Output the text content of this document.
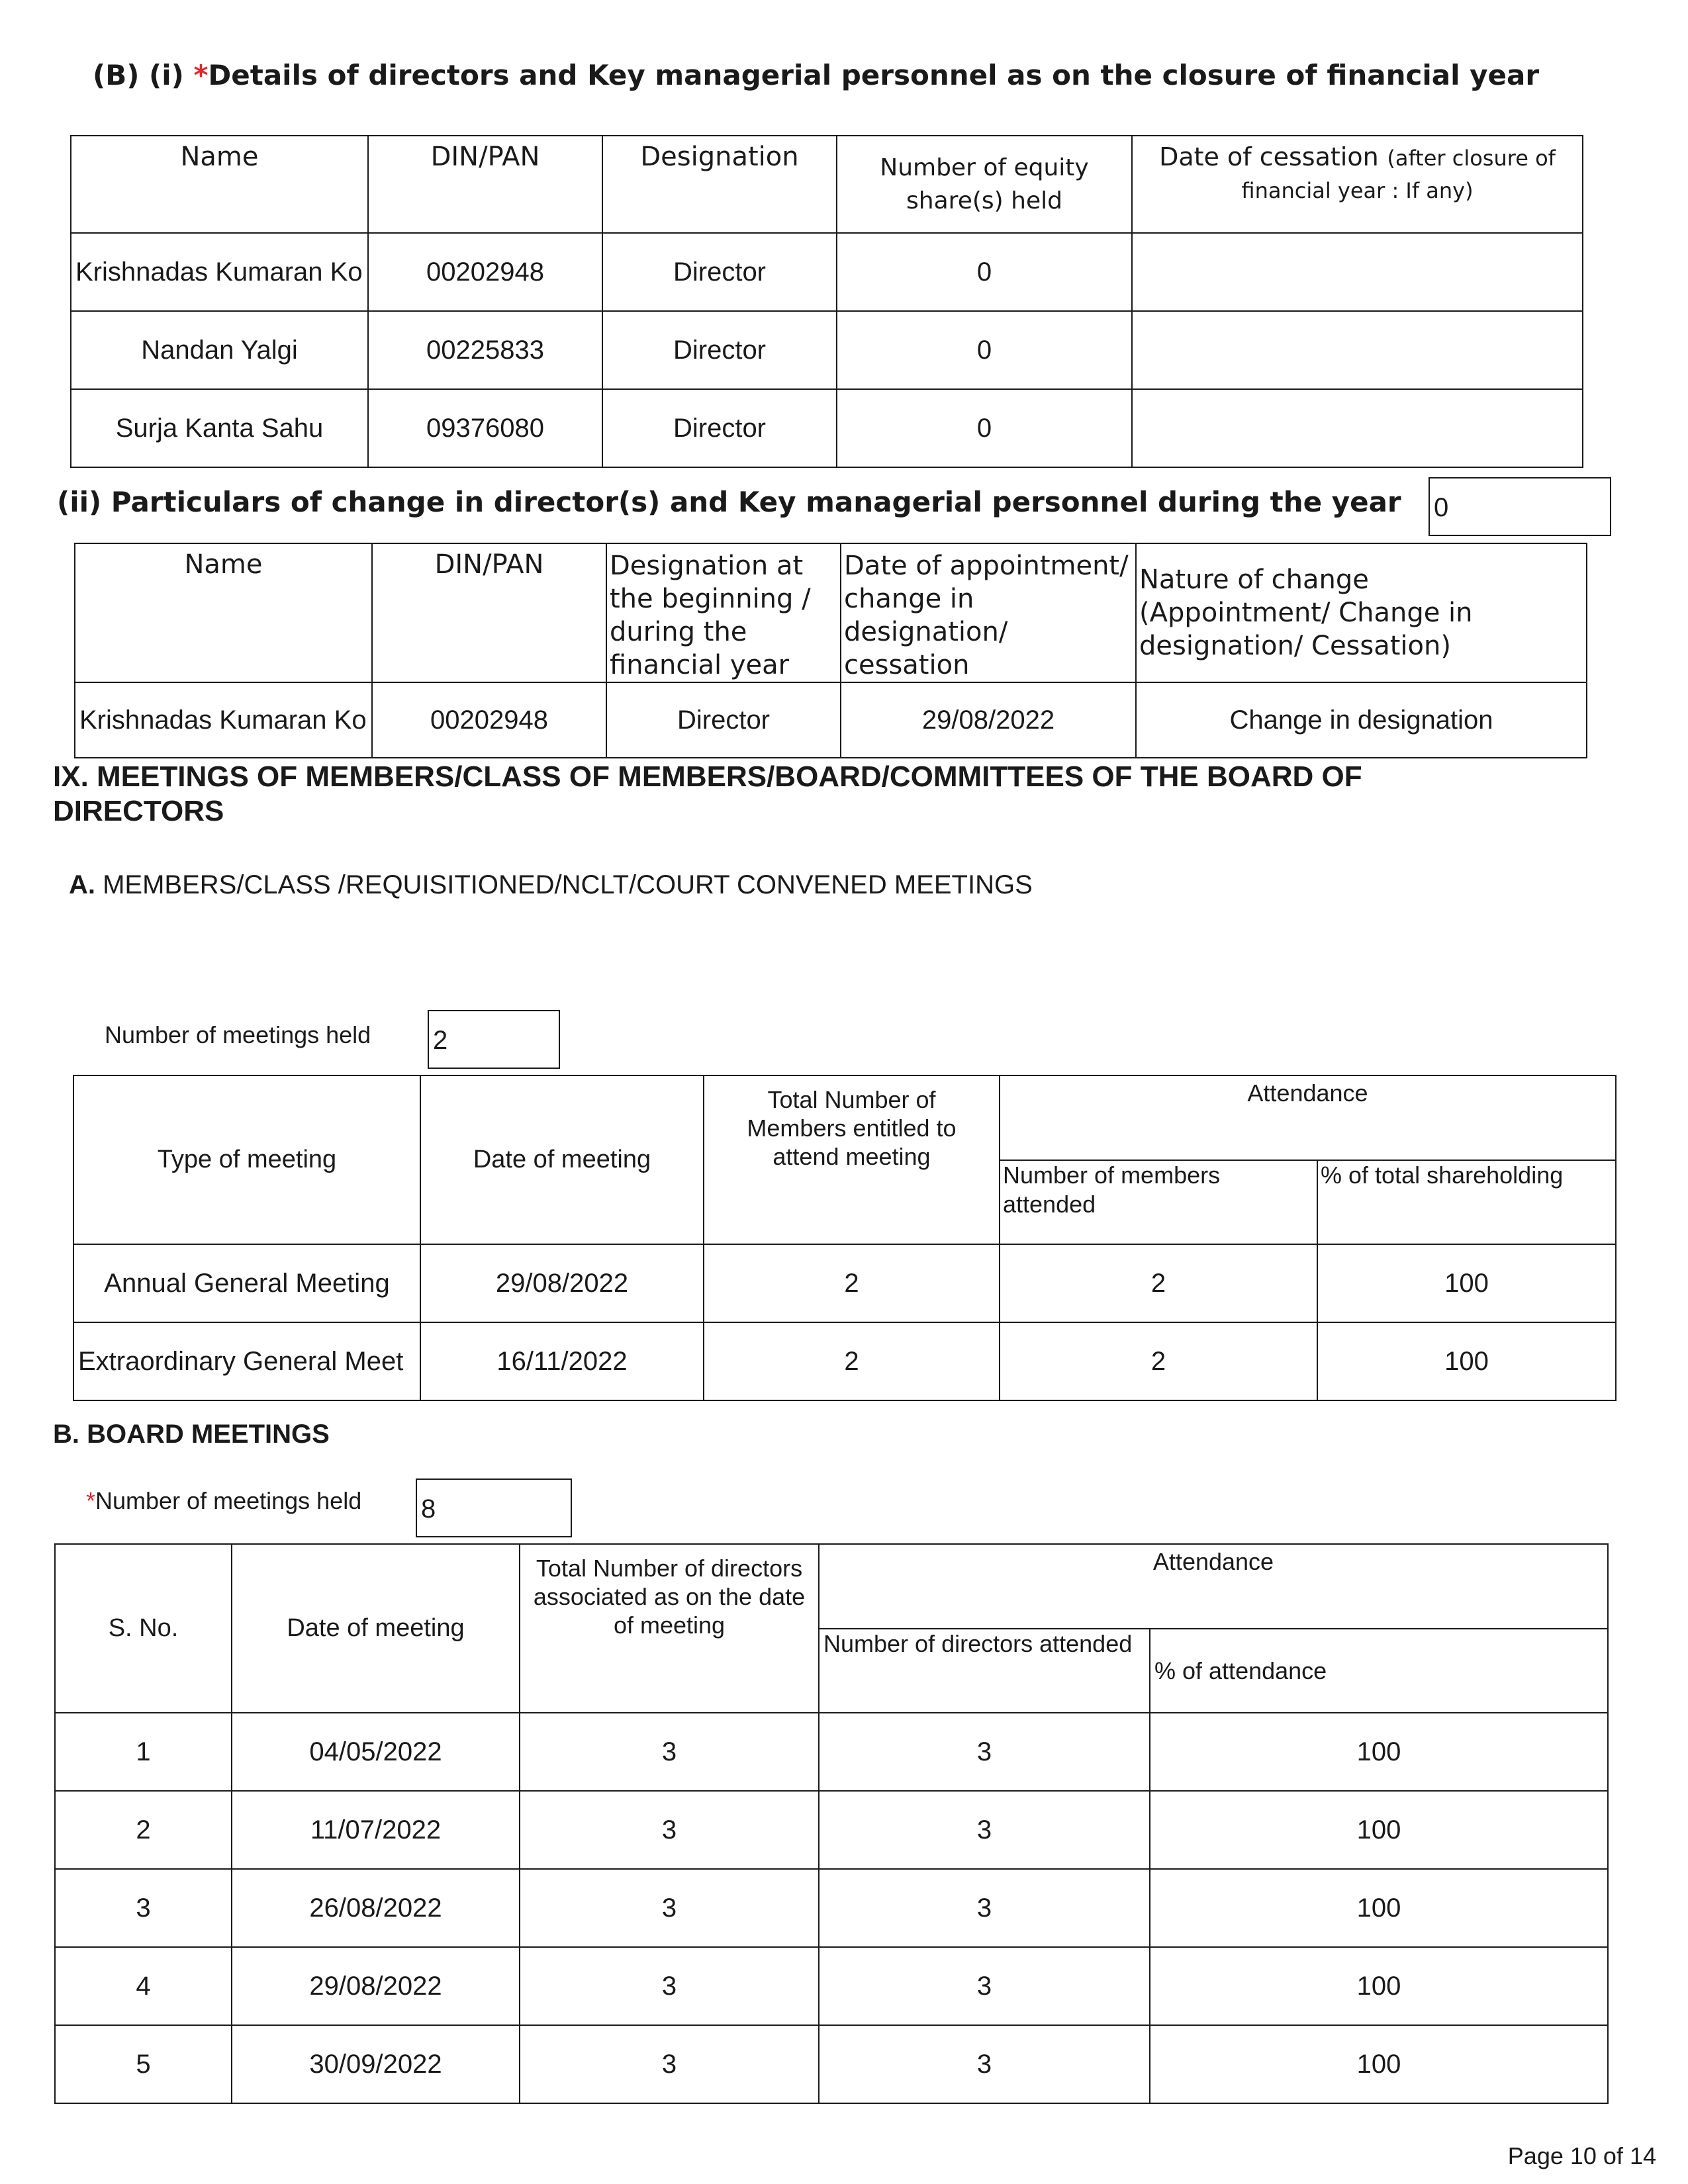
(B) (i) *Details of directors and Key managerial personnel as on the closure of financial year
Name	DIN/PAN	Designation	Number of equity share(s) held	Date of cessation (after closure of
financial year : If any)
Krishnadas Kumaran Ko	00202948	Director	0	
Nandan Yalgi	00225833	Director	0	
Surja Kanta Sahu	09376080	Director	0	
(ii) Particulars of change in director(s) and Key managerial personnel during the year 0
Name	DIN/PAN	Designation at the beginning / during the financial year	Date of appointment/ change in designation/ cessation	Nature of change (Appointment/ Change in designation/ Cessation)
Krishnadas Kumaran Ko	00202948	Director	29/08/2022	Change in designation
IX. MEETINGS OF MEMBERS/CLASS OF MEMBERS/BOARD/COMMITTEES OF THE BOARD OF
DIRECTORS
A. MEMBERS/CLASS /REQUISITIONED/NCLT/COURT CONVENED MEETINGS
Number of meetings held 2
Type of meeting	Date of meeting	Total Number of Members entitled to attend meeting	Attendance	
			Number of members attended	% of total shareholding
Annual General Meeting	29/08/2022	2	2	100
Extraordinary General Meet	16/11/2022	2	2	100
B. BOARD MEETINGS
*Number of meetings held 8
S. No.	Date of meeting	Total Number of directors associated as on the date of meeting	Attendance	
			Number of directors attended	% of attendance
1	04/05/2022	3	3	100
2	11/07/2022	3	3	100
3	26/08/2022	3	3	100
4	29/08/2022	3	3	100
5	30/09/2022	3	3	100
Page 10 of 14
